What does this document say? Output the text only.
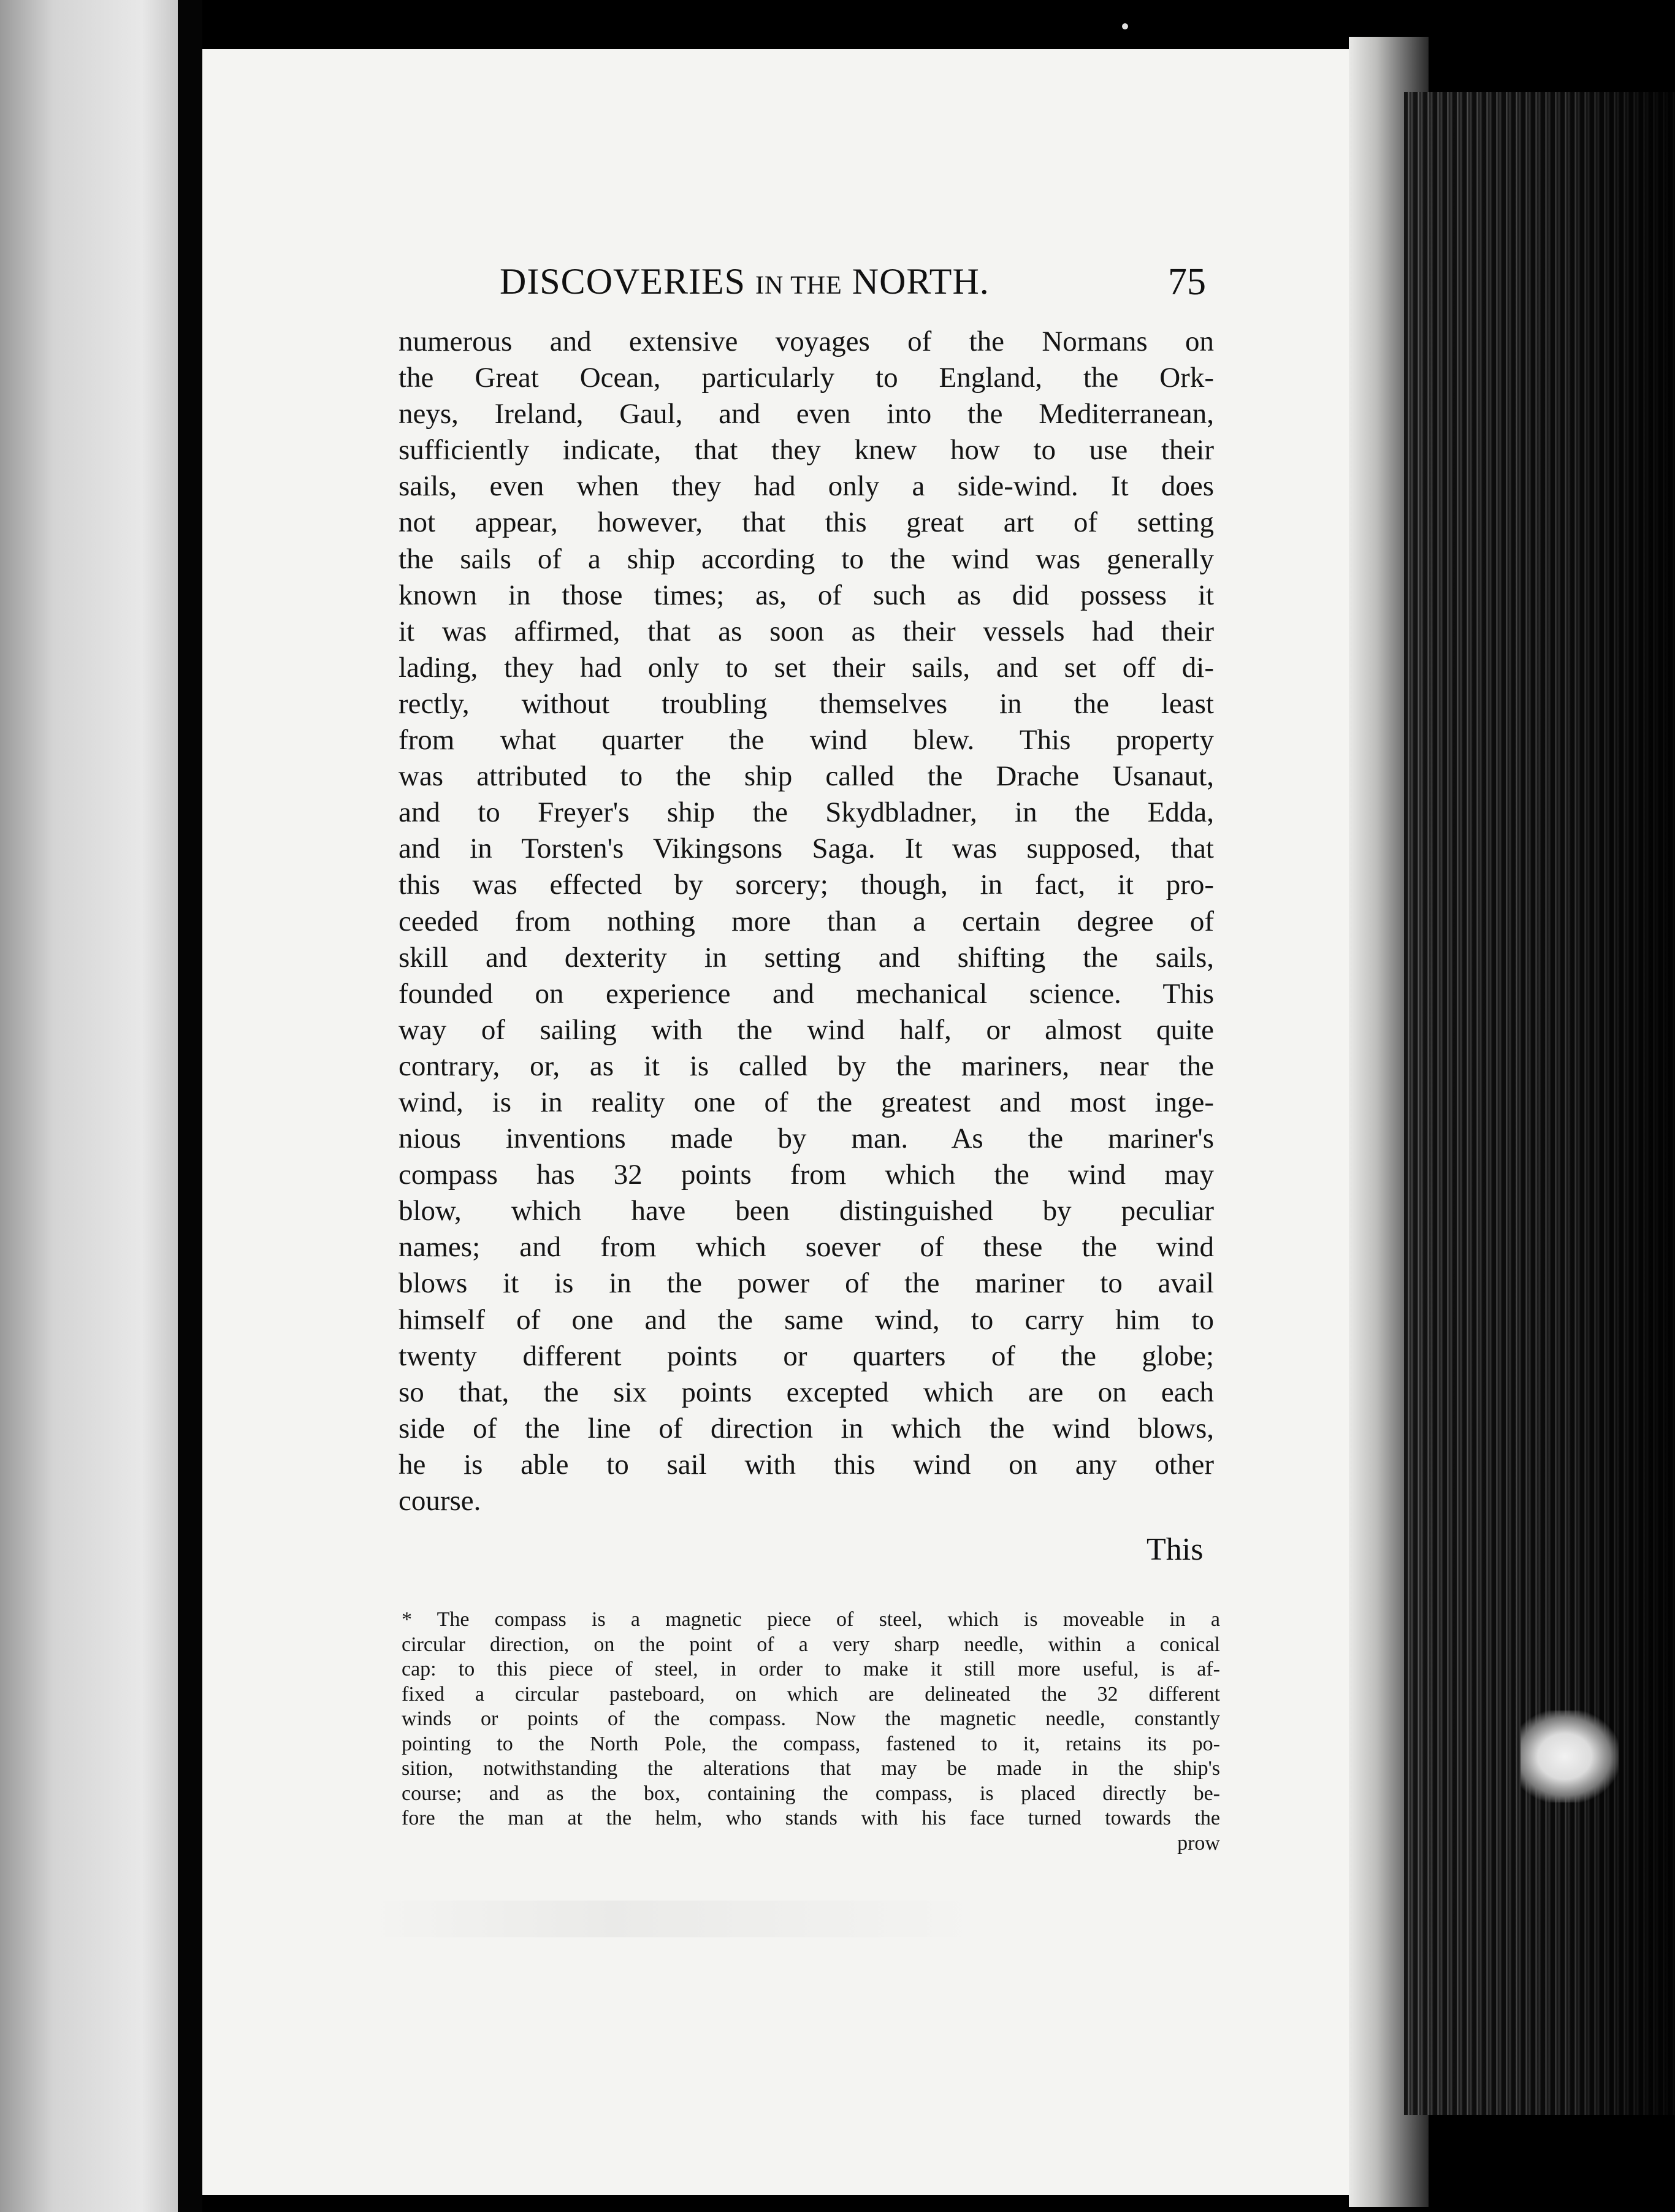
DISCOVERIES IN THE NORTH.	75
numerous and extensive voyages of the Normans on
the Great Ocean, particularly to England, the Ork-
neys, Ireland, Gaul, and even into the Mediterranean,
sufficiently indicate, that they knew how to use their
sails, even when they had only a side-wind. It does
not appear, however, that this great art of setting
the sails of a ship according to the wind was generally
known in those times; as, of such as did possess it
it was affirmed, that as soon as their vessels had their
lading, they had only to set their sails, and set off di-
rectly, without troubling themselves in the least
from what quarter the wind blew. This property
was attributed to the ship called the Drache Usanaut,
and to Freyer's ship the Skydbladner, in the Edda,
and in Torsten's Vikingsons Saga. It was supposed, that
this was effected by sorcery; though, in fact, it pro-
ceeded from nothing more than a certain degree of
skill and dexterity in setting and shifting the sails,
founded on experience and mechanical science. This
way of sailing with the wind half, or almost quite
contrary, or, as it is called by the mariners, near the
wind, is in reality one of the greatest and most inge-
nious inventions made by man. As the mariner's
compass has 32 points from which the wind may
blow, which have been distinguished by peculiar
names; and from which soever of these the wind
blows it is in the power of the mariner to avail
himself of one and the same wind, to carry him to
twenty different points or quarters of the globe;
so that, the six points excepted which are on each
side of the line of direction in which the wind blows,
he is able to sail with this wind on any other
course.
This
* The compass is a magnetic piece of steel, which is moveable in a
circular direction, on the point of a very sharp needle, within a conical
cap: to this piece of steel, in order to make it still more useful, is af-
fixed a circular pasteboard, on which are delineated the 32 different
winds or points of the compass. Now the magnetic needle, constantly
pointing to the North Pole, the compass, fastened to it, retains its po-
sition, notwithstanding the alterations that may be made in the ship's
course; and as the box, containing the compass, is placed directly be-
fore the man at the helm, who stands with his face turned towards the
prow
